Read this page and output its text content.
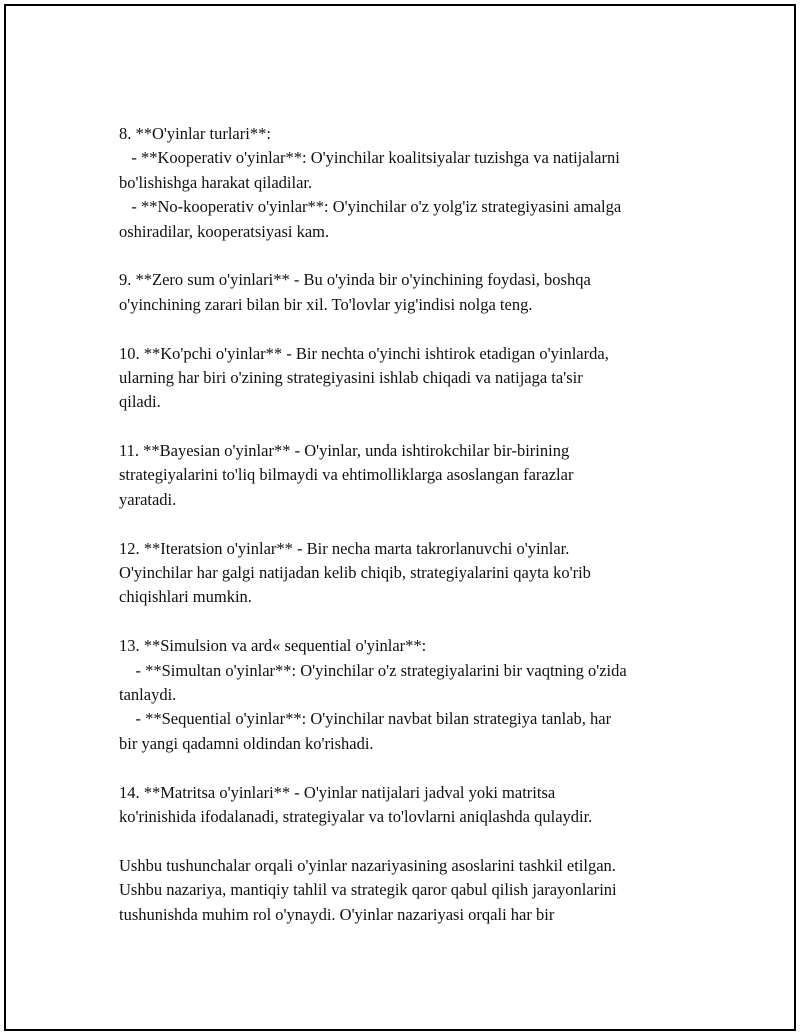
8. **O'yinlar turlari**:
- **Kooperativ o'yinlar**: O'yinchilar koalitsiyalar tuzishga va natijalarni
bo'lishishga harakat qiladilar.
- **No-kooperativ o'yinlar**: O'yinchilar o'z yolg'iz strategiyasini amalga
oshiradilar, kooperatsiyasi kam.
9. **Zero sum o'yinlari** - Bu o'yinda bir o'yinchining foydasi, boshqa
o'yinchining zarari bilan bir xil. To'lovlar yig'indisi nolga teng.
10. **Ko'pchi o'yinlar** - Bir nechta o'yinchi ishtirok etadigan o'yinlarda,
ularning har biri o'zining strategiyasini ishlab chiqadi va natijaga ta'sir
qiladi.
11. **Bayesian o'yinlar** - O'yinlar, unda ishtirokchilar bir-birining
strategiyalarini to'liq bilmaydi va ehtimolliklarga asoslangan farazlar
yaratadi.
12. **Iteratsion o'yinlar** - Bir necha marta takrorlanuvchi o'yinlar.
O'yinchilar har galgi natijadan kelib chiqib, strategiyalarini qayta ko'rib
chiqishlari mumkin.
13. **Simulsion va ard« sequential o'yinlar**:
- **Simultan o'yinlar**: O'yinchilar o'z strategiyalarini bir vaqtning o'zida
tanlaydi.
- **Sequential o'yinlar**: O'yinchilar navbat bilan strategiya tanlab, har
bir yangi qadamni oldindan ko'rishadi.
14. **Matritsa o'yinlari** - O'yinlar natijalari jadval yoki matritsa
ko'rinishida ifodalanadi, strategiyalar va to'lovlarni aniqlashda qulaydir.
Ushbu tushunchalar orqali o'yinlar nazariyasining asoslarini tashkil etilgan.
Ushbu nazariya, mantiqiy tahlil va strategik qaror qabul qilish jarayonlarini
tushunishda muhim rol o'ynaydi. O'yinlar nazariyasi orqali har bir
